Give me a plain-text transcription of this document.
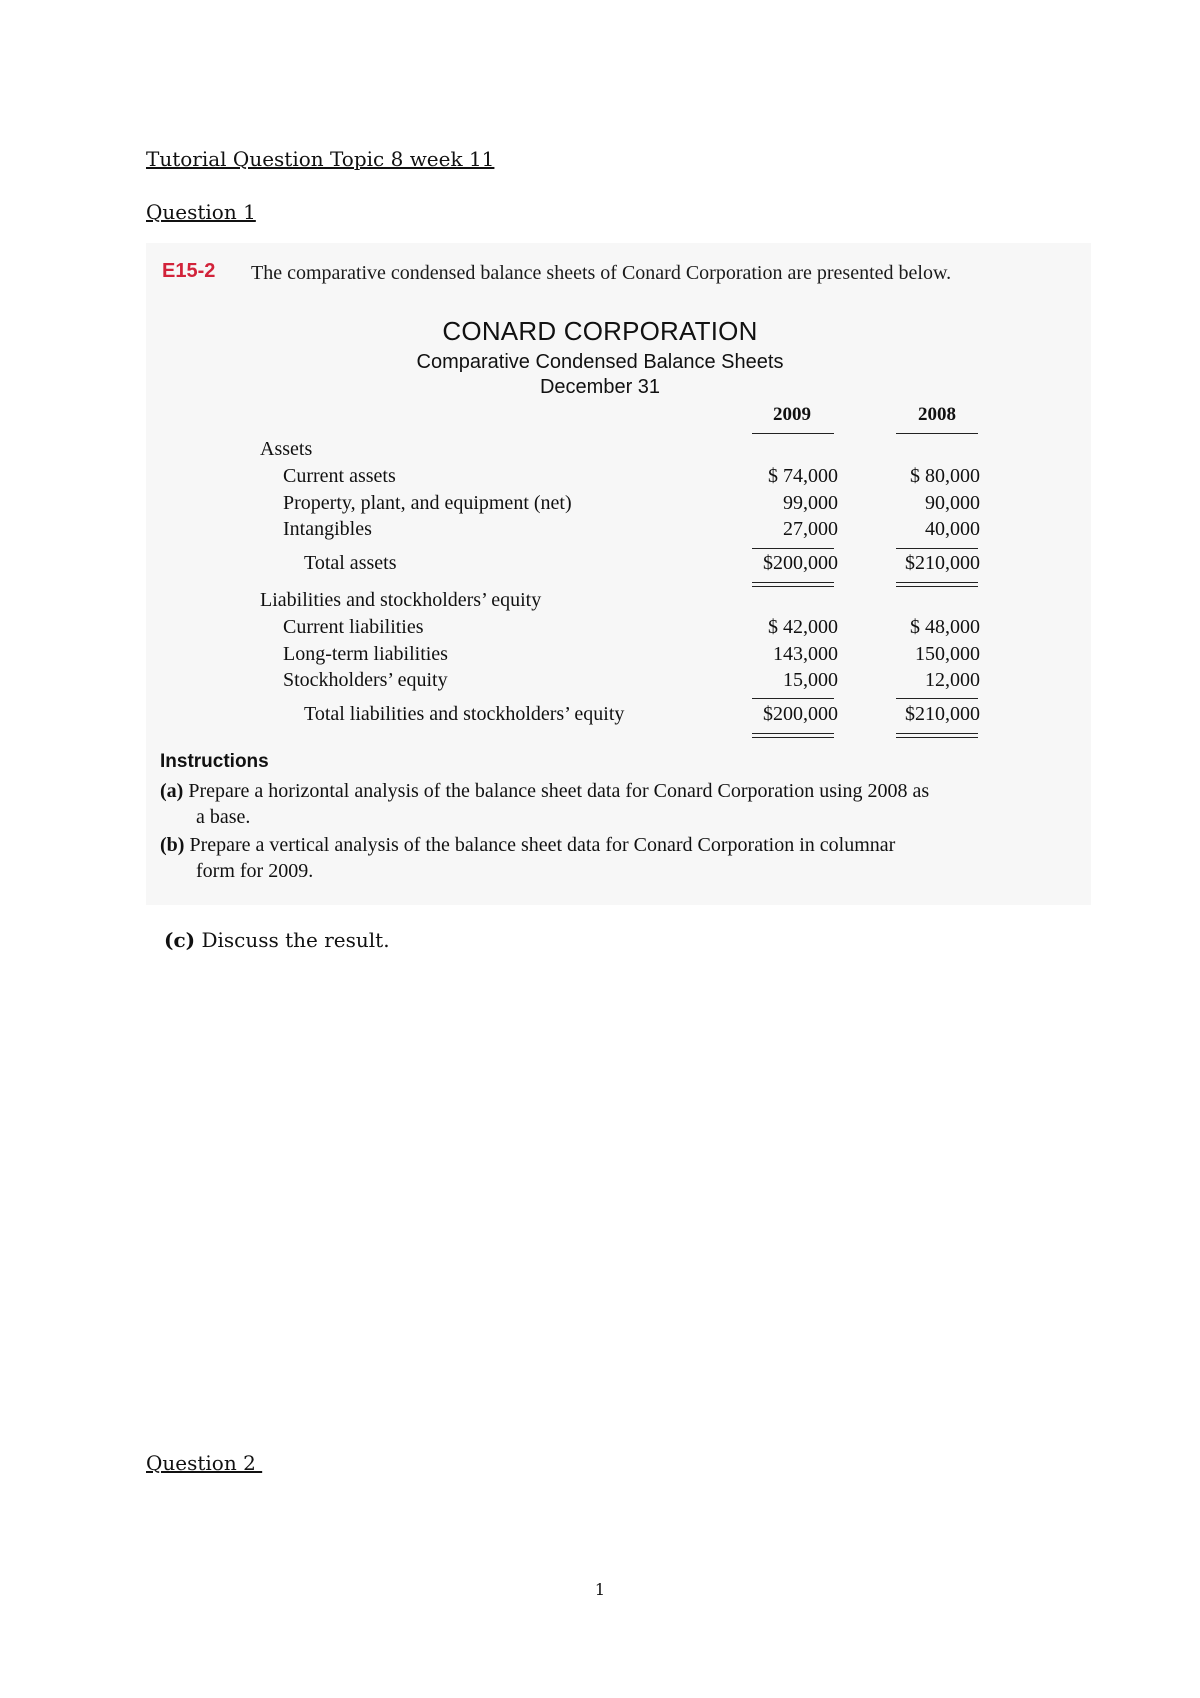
Tutorial Question Topic 8 week 11
Question 1
E15-2 The comparative condensed balance sheets of Conard Corporation are presented below.
CONARD CORPORATION
Comparative Condensed Balance Sheets
December 31
2009	2008
Assets
Current assets	$ 74,000	$ 80,000
Property, plant, and equipment (net)	99,000	90,000
Intangibles	27,000	40,000
Total assets	$200,000	$210,000
Liabilities and stockholders’ equity
Current liabilities	$ 42,000	$ 48,000
Long-term liabilities	143,000	150,000
Stockholders’ equity	15,000	12,000
Total liabilities and stockholders’ equity	$200,000	$210,000
Instructions
(a) Prepare a horizontal analysis of the balance sheet data for Conard Corporation using 2008 as
a base.
(b) Prepare a vertical analysis of the balance sheet data for Conard Corporation in columnar
form for 2009.
(c) Discuss the result.
Question 2
1
